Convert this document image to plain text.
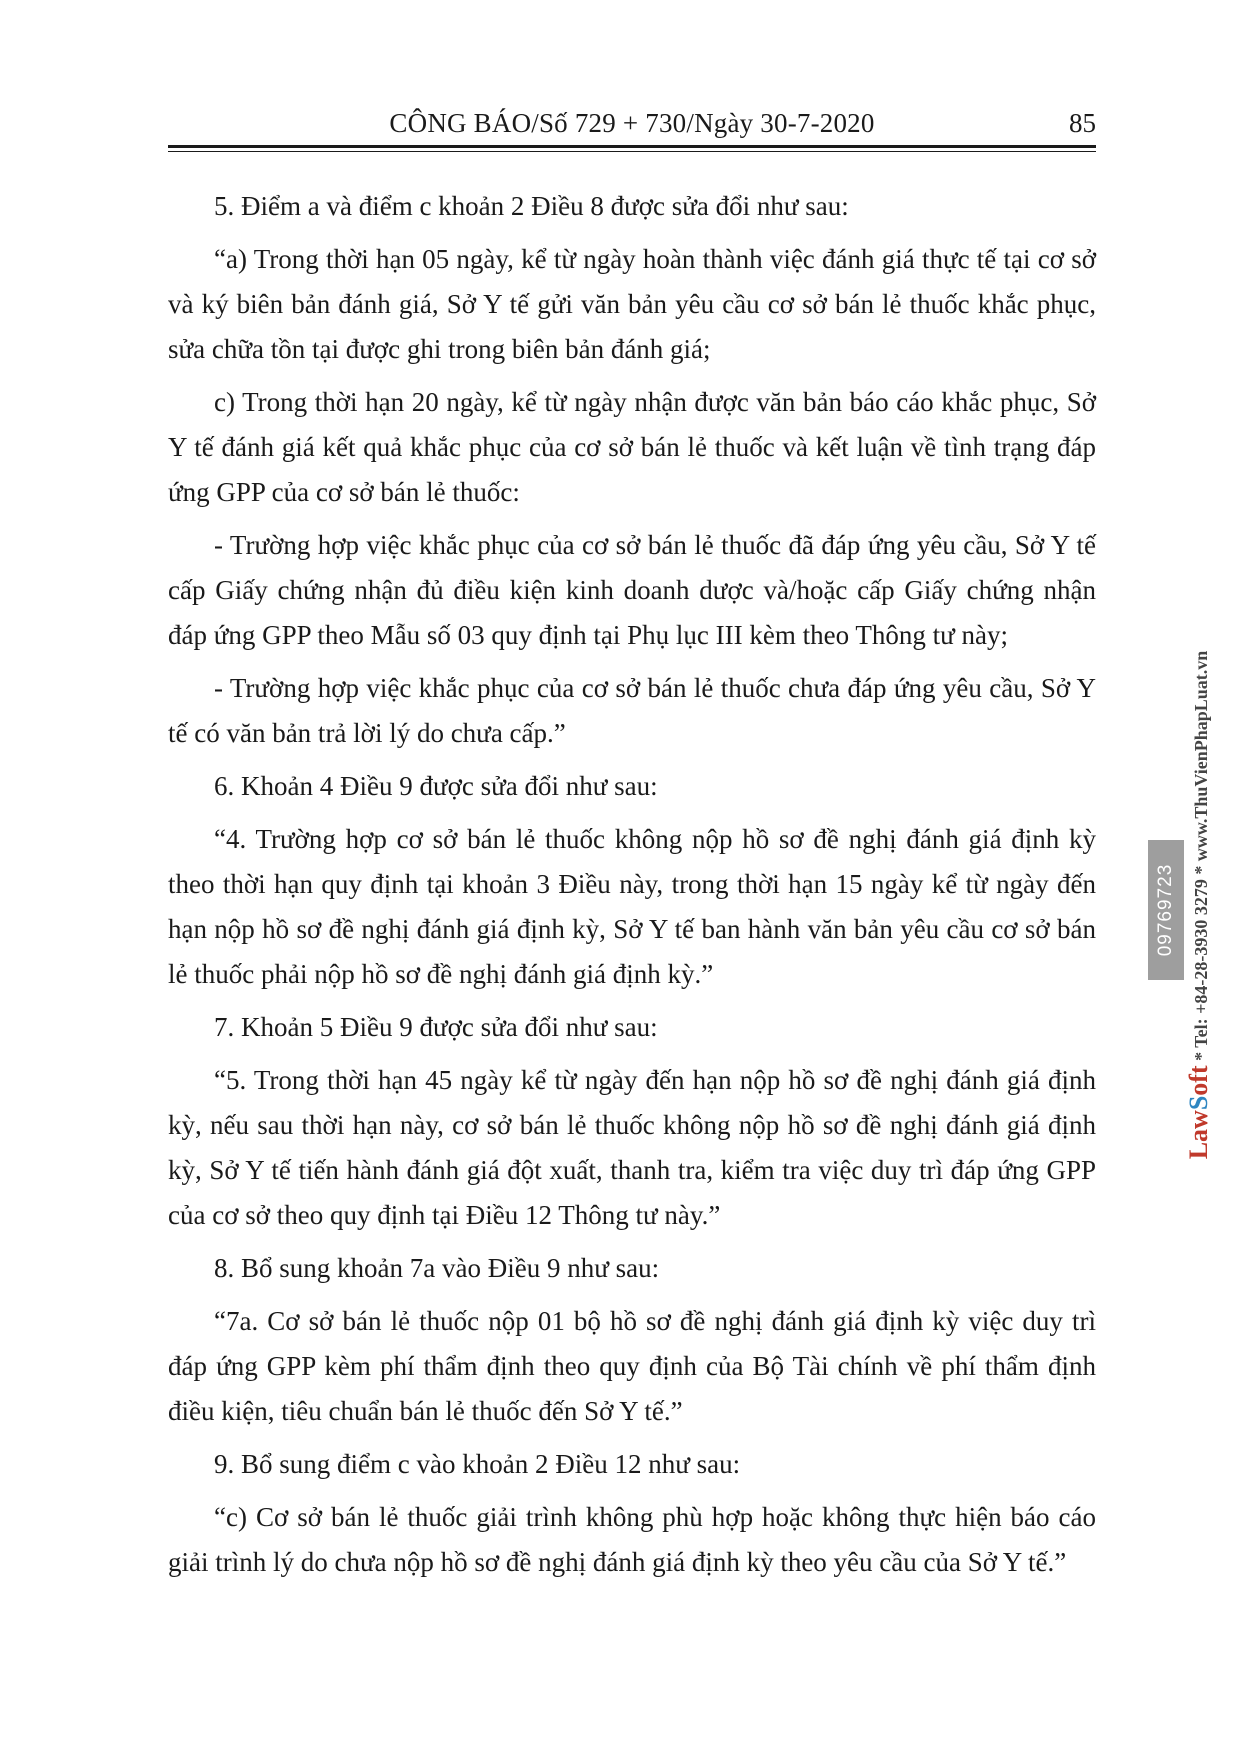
CÔNG BÁO/Số 729 + 730/Ngày 30-7-2020	85

5. Điểm a và điểm c khoản 2 Điều 8 được sửa đổi như sau:

“a) Trong thời hạn 05 ngày, kể từ ngày hoàn thành việc đánh giá thực tế tại cơ sở và ký biên bản đánh giá, Sở Y tế gửi văn bản yêu cầu cơ sở bán lẻ thuốc khắc phục, sửa chữa tồn tại được ghi trong biên bản đánh giá;

c) Trong thời hạn 20 ngày, kể từ ngày nhận được văn bản báo cáo khắc phục, Sở Y tế đánh giá kết quả khắc phục của cơ sở bán lẻ thuốc và kết luận về tình trạng đáp ứng GPP của cơ sở bán lẻ thuốc:

- Trường hợp việc khắc phục của cơ sở bán lẻ thuốc đã đáp ứng yêu cầu, Sở Y tế cấp Giấy chứng nhận đủ điều kiện kinh doanh dược và/hoặc cấp Giấy chứng nhận đáp ứng GPP theo Mẫu số 03 quy định tại Phụ lục III kèm theo Thông tư này;

- Trường hợp việc khắc phục của cơ sở bán lẻ thuốc chưa đáp ứng yêu cầu, Sở Y tế có văn bản trả lời lý do chưa cấp.”

6. Khoản 4 Điều 9 được sửa đổi như sau:

“4. Trường hợp cơ sở bán lẻ thuốc không nộp hồ sơ đề nghị đánh giá định kỳ theo thời hạn quy định tại khoản 3 Điều này, trong thời hạn 15 ngày kể từ ngày đến hạn nộp hồ sơ đề nghị đánh giá định kỳ, Sở Y tế ban hành văn bản yêu cầu cơ sở bán lẻ thuốc phải nộp hồ sơ đề nghị đánh giá định kỳ.”

7. Khoản 5 Điều 9 được sửa đổi như sau:

“5. Trong thời hạn 45 ngày kể từ ngày đến hạn nộp hồ sơ đề nghị đánh giá định kỳ, nếu sau thời hạn này, cơ sở bán lẻ thuốc không nộp hồ sơ đề nghị đánh giá định kỳ, Sở Y tế tiến hành đánh giá đột xuất, thanh tra, kiểm tra việc duy trì đáp ứng GPP của cơ sở theo quy định tại Điều 12 Thông tư này.”

8. Bổ sung khoản 7a vào Điều 9 như sau:

“7a. Cơ sở bán lẻ thuốc nộp 01 bộ hồ sơ đề nghị đánh giá định kỳ việc duy trì đáp ứng GPP kèm phí thẩm định theo quy định của Bộ Tài chính về phí thẩm định điều kiện, tiêu chuẩn bán lẻ thuốc đến Sở Y tế.”

9. Bổ sung điểm c vào khoản 2 Điều 12 như sau:

“c) Cơ sở bán lẻ thuốc giải trình không phù hợp hoặc không thực hiện báo cáo giải trình lý do chưa nộp hồ sơ đề nghị đánh giá định kỳ theo yêu cầu của Sở Y tế.”

LawSoft * Tel: +84-28-3930 3279 * www.ThuVienPhapLuat.vn
09769723
